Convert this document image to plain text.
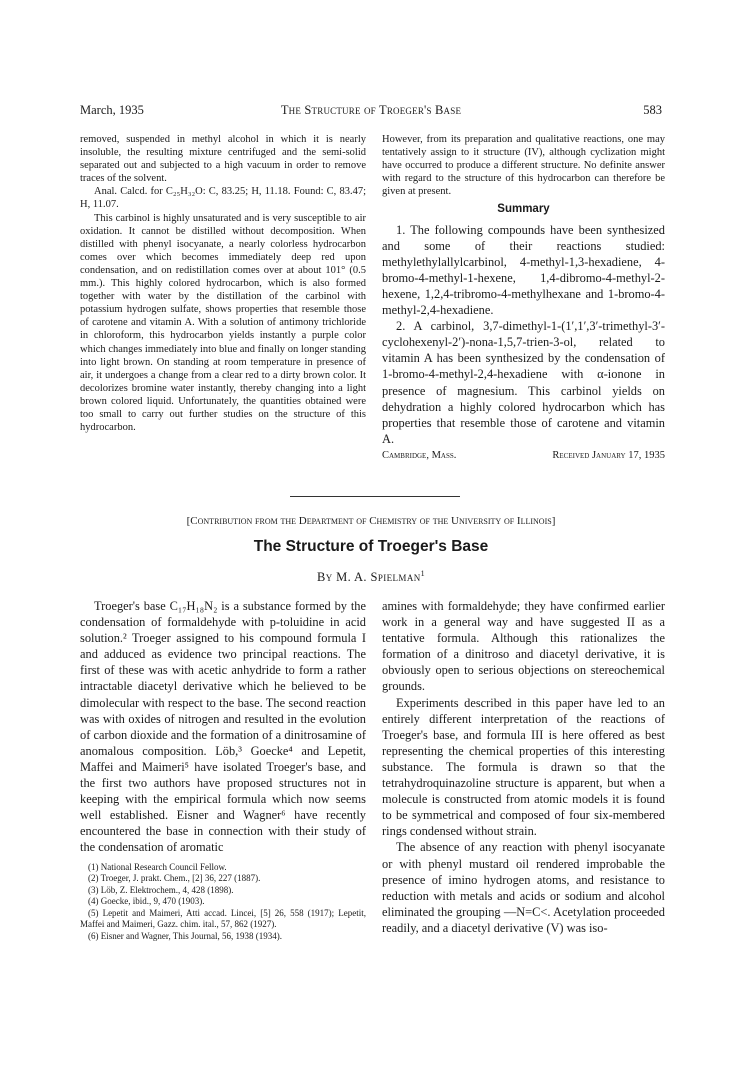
March, 1935	The Structure of Troeger's Base	583

removed, suspended in methyl alcohol in which it is nearly insoluble, the resulting mixture centrifuged and the semi-solid separated out and subjected to a high vacuum in order to remove traces of the solvent.

Anal. Calcd. for C₂₅H₃₂O: C, 83.25; H, 11.18. Found: C, 83.47; H, 11.07.

This carbinol is highly unsaturated and is very susceptible to air oxidation. It cannot be distilled without decomposition. When distilled with phenyl isocyanate, a nearly colorless hydrocarbon comes over which becomes immediately deep red upon condensation, and on redistillation comes over at about 101° (0.5 mm.). This highly colored hydrocarbon, which is also formed together with water by the distillation of the carbinol with potassium hydrogen sulfate, shows properties that resemble those of carotene and vitamin A. With a solution of antimony trichloride in chloroform, this hydrocarbon yields instantly a purple color which changes immediately into blue and finally on longer standing into light brown. On standing at room temperature in presence of air, it undergoes a change from a clear red to a dirty brown color. It decolorizes bromine water instantly, thereby changing into a light brown colored liquid. Unfortunately, the quantities obtained were too small to carry out further studies on the structure of this hydrocarbon.

However, from its preparation and qualitative reactions, one may tentatively assign to it structure (IV), although cyclization might have occurred to produce a different structure. No definite answer with regard to the structure of this hydrocarbon can therefore be given at present.

Summary

1. The following compounds have been synthesized and some of their reactions studied: methylethylallylcarbinol, 4-methyl-1,3-hexadiene, 4-bromo-4-methyl-1-hexene, 1,4-dibromo-4-methyl-2-hexene, 1,2,4-tribromo-4-methylhexane and 1-bromo-4-methyl-2,4-hexadiene.

2. A carbinol, 3,7-dimethyl-1-(1′,1′,3′-trimethyl-3′-cyclohexenyl-2′)-nona-1,5,7-trien-3-ol, related to vitamin A has been synthesized by the condensation of 1-bromo-4-methyl-2,4-hexadiene with α-ionone in presence of magnesium. This carbinol yields on dehydration a highly colored hydrocarbon which has properties that resemble those of carotene and vitamin A.

Cambridge, Mass.	Received January 17, 1935
[Contribution from the Department of Chemistry of the University of Illinois]
The Structure of Troeger's Base
By M. A. Spielman$^1$

Troeger's base C₁₇H₁₈N₂ is a substance formed by the condensation of formaldehyde with p-toluidine in acid solution.² Troeger assigned to his compound formula I and adduced as evidence two principal reactions. The first of these was with acetic anhydride to form a rather intractable diacetyl derivative which he believed to be dimolecular with respect to the base. The second reaction was with oxides of nitrogen and resulted in the evolution of carbon dioxide and the formation of a dinitrosamine of anomalous composition. Löb,³ Goecke⁴ and Lepetit, Maffei and Maimeri⁵ have isolated Troeger's base, and the first two authors have proposed structures not in keeping with the empirical formula which now seems well established. Eisner and Wagner⁶ have recently encountered the base in connection with their study of the condensation of aromatic

(1) National Research Council Fellow.

(2) Troeger, J. prakt. Chem., [2] 36, 227 (1887).

(3) Löb, Z. Elektrochem., 4, 428 (1898).

(4) Goecke, ibid., 9, 470 (1903).

(5) Lepetit and Maimeri, Atti accad. Lincei, [5] 26, 558 (1917); Lepetit, Maffei and Maimeri, Gazz. chim. ital., 57, 862 (1927).

(6) Eisner and Wagner, This Journal, 56, 1938 (1934).

amines with formaldehyde; they have confirmed earlier work in a general way and have suggested II as a tentative formula. Although this rationalizes the formation of a dinitroso and diacetyl derivative, it is obviously open to serious objections on stereochemical grounds.

Experiments described in this paper have led to an entirely different interpretation of the reactions of Troeger's base, and formula III is here offered as best representing the chemical properties of this interesting substance. The formula is drawn so that the tetrahydroquinazoline structure is apparent, but when a molecule is constructed from atomic models it is found to be symmetrical and composed of four six-membered rings condensed without strain.

The absence of any reaction with phenyl isocyanate or with phenyl mustard oil rendered improbable the presence of imino hydrogen atoms, and resistance to reduction with metals and acids or sodium and alcohol eliminated the grouping —N=C<. Acetylation proceeded readily, and a diacetyl derivative (V) was iso-
